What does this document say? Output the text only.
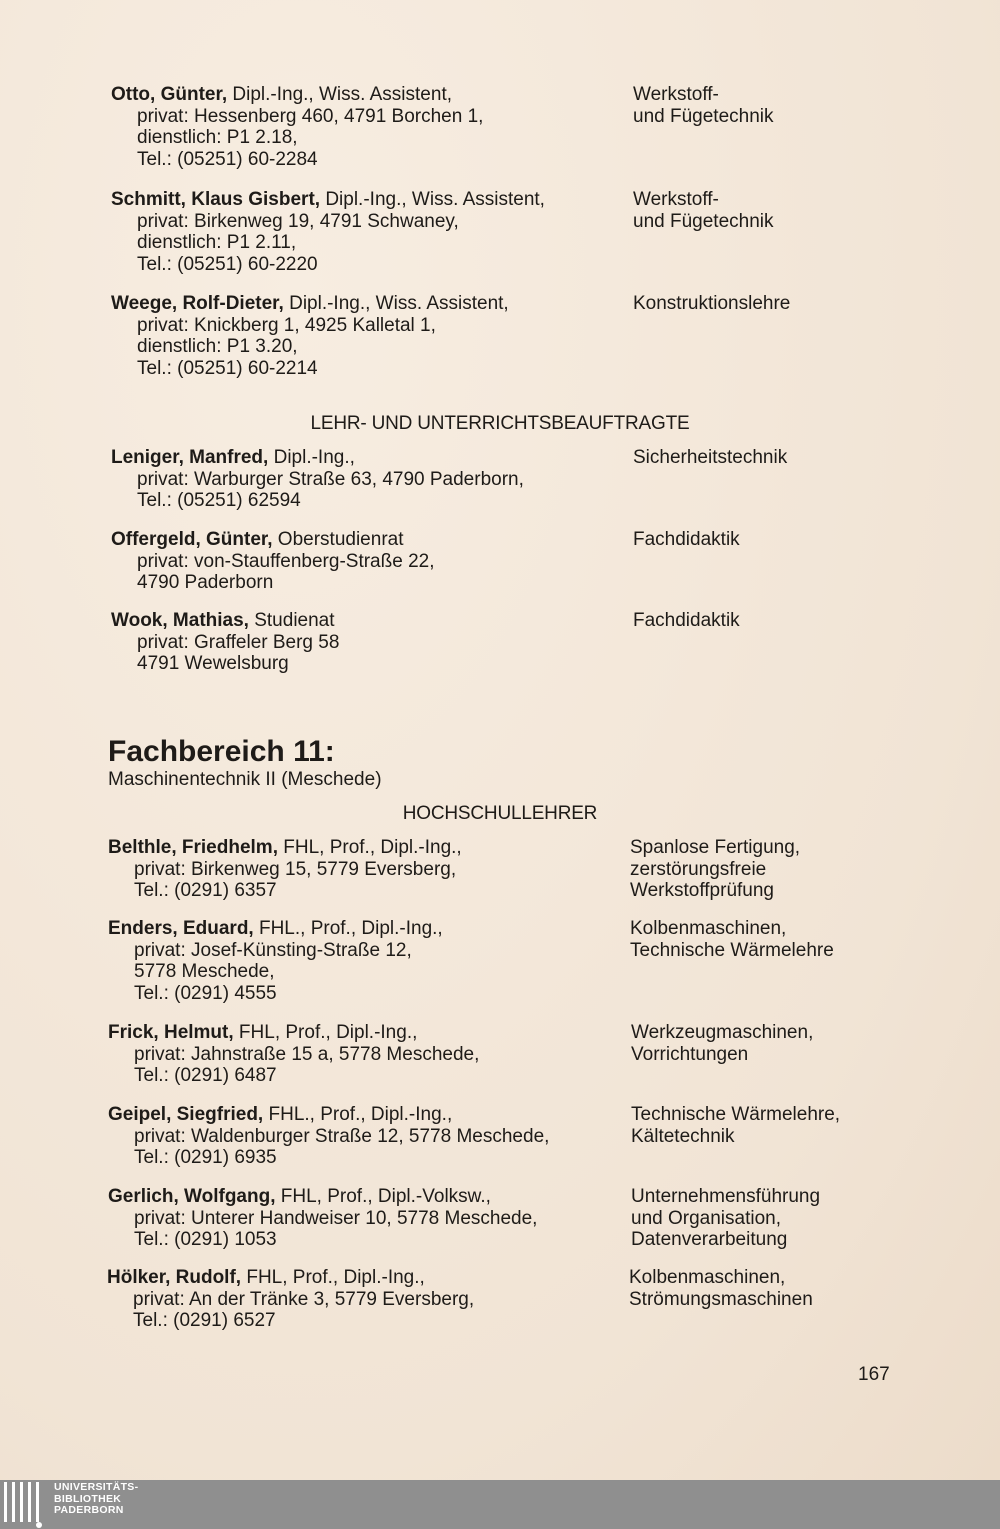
Otto, Günter, Dipl.-Ing., Wiss. Assistent,
privat: Hessenberg 460, 4791 Borchen 1,
dienstlich: P1 2.18,
Tel.: (05251) 60-2284
Werkstoff-
und Fügetechnik
Schmitt, Klaus Gisbert, Dipl.-Ing., Wiss. Assistent,
privat: Birkenweg 19, 4791 Schwaney,
dienstlich: P1 2.11,
Tel.: (05251) 60-2220
Werkstoff-
und Fügetechnik
Weege, Rolf-Dieter, Dipl.-Ing., Wiss. Assistent,
privat: Knickberg 1, 4925 Kalletal 1,
dienstlich: P1 3.20,
Tel.: (05251) 60-2214
Konstruktionslehre
LEHR- UND UNTERRICHTSBEAUFTRAGTE
Leniger, Manfred, Dipl.-Ing.,
privat: Warburger Straße 63, 4790 Paderborn,
Tel.: (05251) 62594
Sicherheitstechnik
Offergeld, Günter, Oberstudienrat
privat: von-Stauffenberg-Straße 22,
4790 Paderborn
Fachdidaktik
Wook, Mathias, Studienat
privat: Graffeler Berg 58
4791 Wewelsburg
Fachdidaktik
Fachbereich 11:
Maschinentechnik II (Meschede)
HOCHSCHULLEHRER
Belthle, Friedhelm, FHL, Prof., Dipl.-Ing.,
privat: Birkenweg 15, 5779 Eversberg,
Tel.: (0291) 6357
Spanlose Fertigung,
zerstörungsfreie
Werkstoffprüfung
Enders, Eduard, FHL., Prof., Dipl.-Ing.,
privat: Josef-Künsting-Straße 12,
5778 Meschede,
Tel.: (0291) 4555
Kolbenmaschinen,
Technische Wärmelehre
Frick, Helmut, FHL, Prof., Dipl.-Ing.,
privat: Jahnstraße 15 a, 5778 Meschede,
Tel.: (0291) 6487
Werkzeugmaschinen,
Vorrichtungen
Geipel, Siegfried, FHL., Prof., Dipl.-Ing.,
privat: Waldenburger Straße 12, 5778 Meschede,
Tel.: (0291) 6935
Technische Wärmelehre,
Kältetechnik
Gerlich, Wolfgang, FHL, Prof., Dipl.-Volksw.,
privat: Unterer Handweiser 10, 5778 Meschede,
Tel.: (0291) 1053
Unternehmensführung
und Organisation,
Datenverarbeitung
Hölker, Rudolf, FHL, Prof., Dipl.-Ing.,
privat: An der Tränke 3, 5779 Eversberg,
Tel.: (0291) 6527
Kolbenmaschinen,
Strömungsmaschinen
167
UNIVERSITÄTS-
BIBLIOTHEK
PADERBORN
